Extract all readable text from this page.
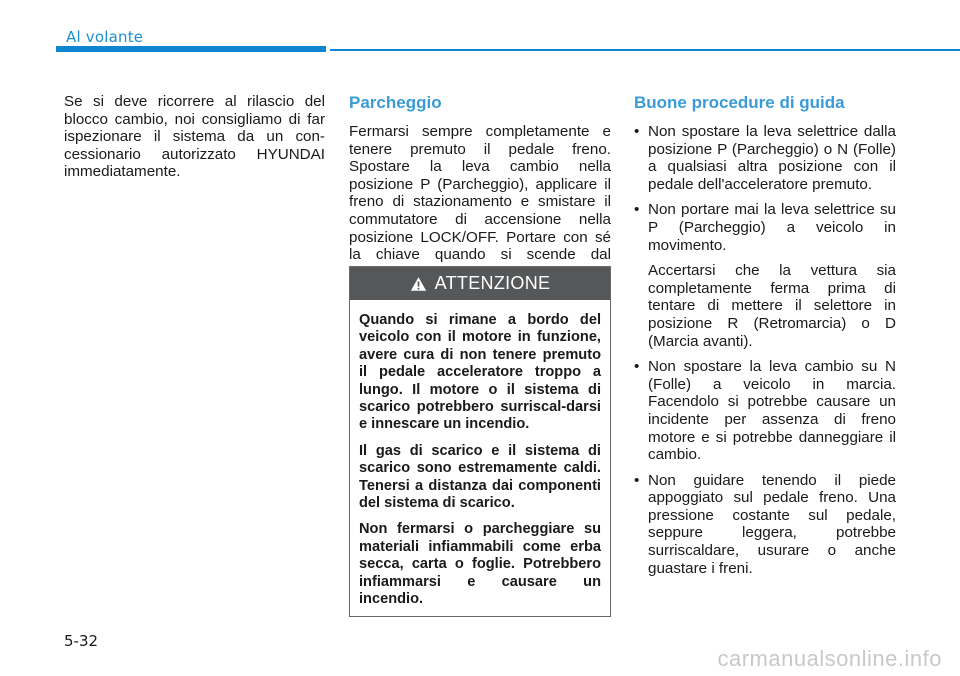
Al volante

Se si deve ricorrere al rilascio del blocco cambio, noi consigliamo di far ispezionare il sistema da un con-cessionario autorizzato HYUNDAI immediatamente.

Parcheggio

Fermarsi sempre completamente e tenere premuto il pedale freno. Spostare la leva cambio nella posizione P (Parcheggio), applicare il freno di stazionamento e smistare il commutatore di accensione nella posizione LOCK/OFF. Portare con sé la chiave quando si scende dal

ATTENZIONE

Quando si rimane a bordo del veicolo con il motore in funzione, avere cura di non tenere premuto il pedale acceleratore troppo a lungo. Il motore o il sistema di scarico potrebbero surriscal-darsi e innescare un incendio.

Il gas di scarico e il sistema di scarico sono estremamente caldi. Tenersi a distanza dai componenti del sistema di scarico.

Non fermarsi o parcheggiare su materiali infiammabili come erba secca, carta o foglie. Potrebbero infiammarsi e causare un incendio.

Buone procedure di guida

• Non spostare la leva selettrice dalla posizione P (Parcheggio) o N (Folle) a qualsiasi altra posizione con il pedale dell'acceleratore premuto.

• Non portare mai la leva selettrice su P (Parcheggio) a veicolo in movimento.

Accertarsi che la vettura sia completamente ferma prima di tentare di mettere il selettore in posizione R (Retromarcia) o D (Marcia avanti).

• Non spostare la leva cambio su N (Folle) a veicolo in marcia. Facendolo si potrebbe causare un incidente per assenza di freno motore e si potrebbe danneggiare il cambio.

• Non guidare tenendo il piede appoggiato sul pedale freno. Una pressione costante sul pedale, seppure leggera, potrebbe surriscaldare, usurare o anche guastare i freni.

5-32
carmanualsonline.info
